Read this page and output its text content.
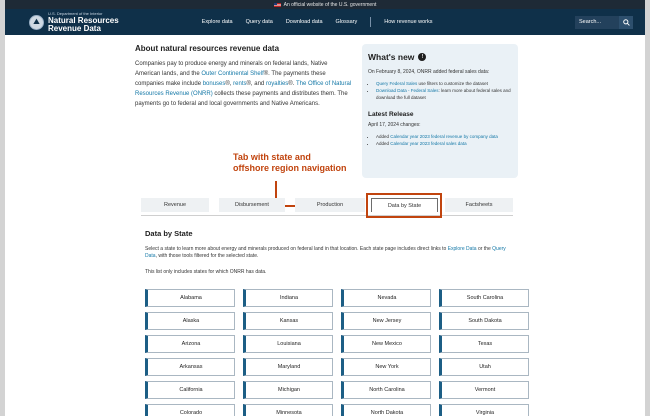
An official website of the U.S. government
⛰
U.S. Department of the Interior
Natural Resources
Revenue Data
Explore data Query data Download data Glossary	How revenue works
Search...
About natural resources revenue data
Companies pay to produce energy and minerals on federal lands, Native American lands, and the Outer Continental Shelf®. The payments these companies make include bonuses®, rents®, and royalties®. The Office of Natural Resources Revenue (ONRR) collects these payments and distributes them. The payments go to federal and local governments and Native Americans.
What's new	!
On February 8, 2024, ONRR added federal sales data:
• Query Federal Sales use filters to customize the dataset
• Download Data - Federal Sales: learn more about federal sales and download the full dataset
Latest Release
April 17, 2024 changes:
• Added Calendar year 2023 federal revenue by company data
• Added Calendar year 2023 federal sales data
Tab with state and
offshore region navigation
Revenue	Disbursement	Production	Data by State	Factsheets
Data by State
Select a state to learn more about energy and minerals produced on federal land in that location. Each state page includes direct links to Explore Data or the Query Data, with those tools filtered for the selected state.
This list only includes states for which ONRR has data.
Alabama	Indiana	Nevada	South Carolina
Alaska	Kansas	New Jersey	South Dakota
Arizona	Louisiana	New Mexico	Texas
Arkansas	Maryland	New York	Utah
California	Michigan	North Carolina	Vermont
Colorado	Minnesota	North Dakota	Virginia
